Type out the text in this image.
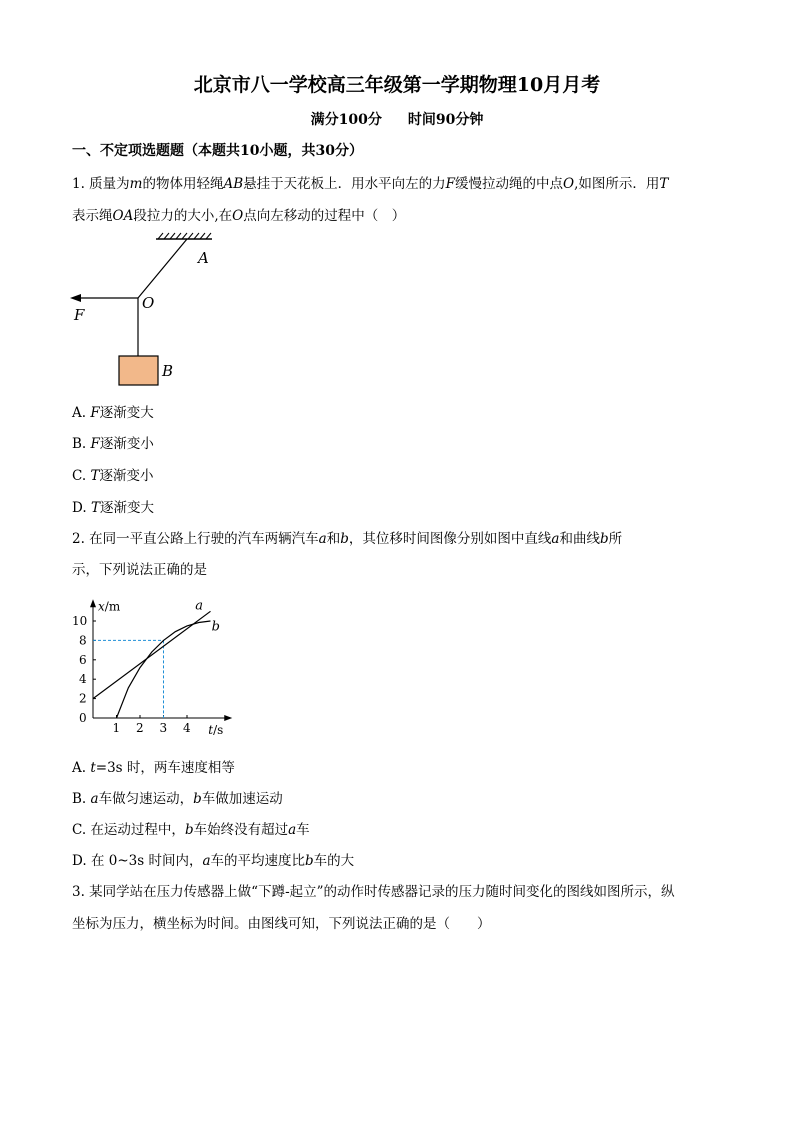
北京市八一学校高三年级第一学期物理10月月考
满分100分 时间90分钟
一、不定项选题题（本题共10小题，共30分）
1. 质量为m的物体用轻绳AB悬挂于天花板上．用水平向左的力F缓慢拉动绳的中点O,如图所示．用T
表示绳OA段拉力的大小,在O点向左移动的过程中（　）
A
O
F
B
A. F逐渐变大
B. F逐渐变小
C. T逐渐变小
D. T逐渐变大
2. 在同一平直公路上行驶的汽车两辆汽车a和b，其位移时间图像分别如图中直线a和曲线b所
示，下列说法正确的是
1 2 3 4
0
2
4
6
8
10
a
b
t/s
x/m
A. t=3s 时，两车速度相等
B. a车做匀速运动，b车做加速运动
C. 在运动过程中，b车始终没有超过a车
D. 在 0~3s 时间内，a车的平均速度比b车的大
3. 某同学站在压力传感器上做“下蹲-起立”的动作时传感器记录的压力随时间变化的图线如图所示，纵
坐标为压力，横坐标为时间。由图线可知，下列说法正确的是（　　）
